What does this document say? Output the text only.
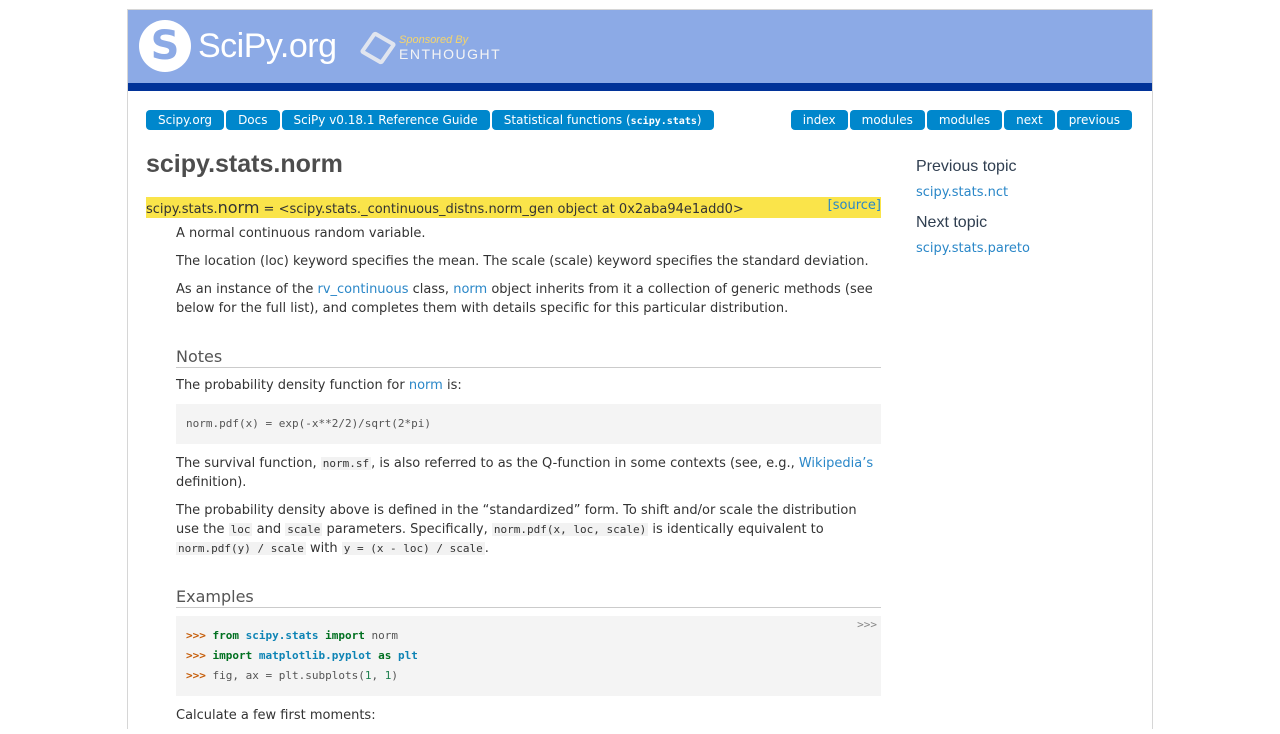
S SciPy.org	Sponsored By
ENTHOUGHT
Scipy.org	Docs	SciPy v0.18.1 Reference Guide	Statistical functions (scipy.stats)	index	modules	modules	next	previous
scipy.stats.norm
scipy.stats.norm = <scipy.stats._continuous_distns.norm_gen object at 0x2aba94e1add0>	[source]

A normal continuous random variable.

The location (loc) keyword specifies the mean. The scale (scale) keyword specifies the standard deviation.

As an instance of the rv_continuous class, norm object inherits from it a collection of generic methods (see below for the full list), and completes them with details specific for this particular distribution.

Notes

The probability density function for norm is:

norm.pdf(x) = exp(-x**2/2)/sqrt(2*pi)

The survival function, norm.sf , is also referred to as the Q-function in some contexts (see, e.g., Wikipedia’s definition).

The probability density above is defined in the “standardized” form. To shift and/or scale the distribution use the loc and scale parameters. Specifically, norm.pdf(x, loc, scale) is identically equivalent to norm.pdf(y) / scale with y = (x - loc) / scale .

Examples
>>>
>>> from scipy.stats import norm
>>> import matplotlib.pyplot as plt
>>> fig, ax = plt.subplots(1, 1)

Calculate a few first moments:

Previous topic
scipy.stats.nct
Next topic
scipy.stats.pareto
